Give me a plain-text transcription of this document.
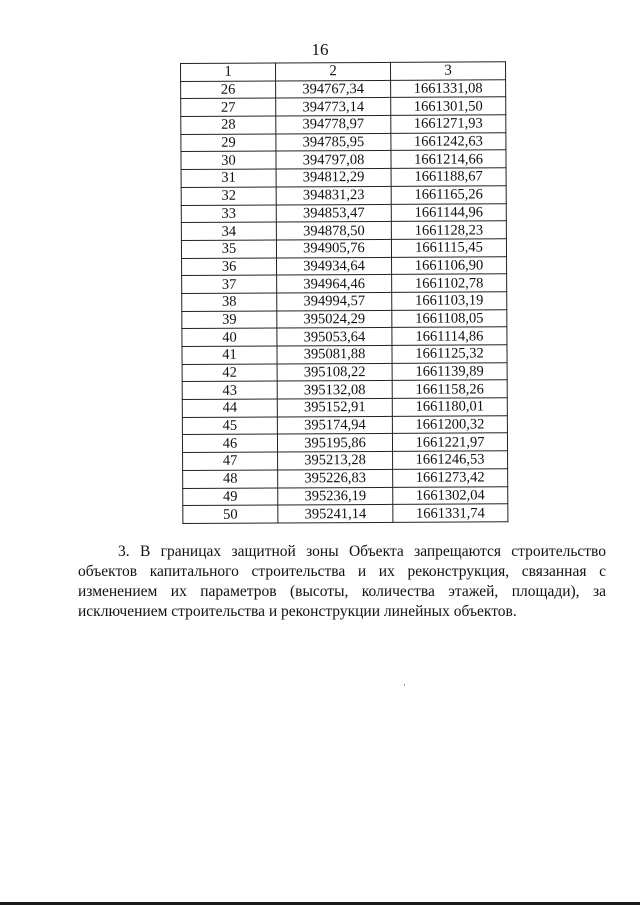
16
1	2	3
26	394767,34	1661331,08
27	394773,14	1661301,50
28	394778,97	1661271,93
29	394785,95	1661242,63
30	394797,08	1661214,66
31	394812,29	1661188,67
32	394831,23	1661165,26
33	394853,47	1661144,96
34	394878,50	1661128,23
35	394905,76	1661115,45
36	394934,64	1661106,90
37	394964,46	1661102,78
38	394994,57	1661103,19
39	395024,29	1661108,05
40	395053,64	1661114,86
41	395081,88	1661125,32
42	395108,22	1661139,89
43	395132,08	1661158,26
44	395152,91	1661180,01
45	395174,94	1661200,32
46	395195,86	1661221,97
47	395213,28	1661246,53
48	395226,83	1661273,42
49	395236,19	1661302,04
50	395241,14	1661331,74
3. В границах защитной зоны Объекта запрещаются строительство объектов капитального строительства и их реконструкция, связанная с изменением их параметров (высоты, количества этажей, площади), за исключением строительства и реконструкции линейных объектов.
